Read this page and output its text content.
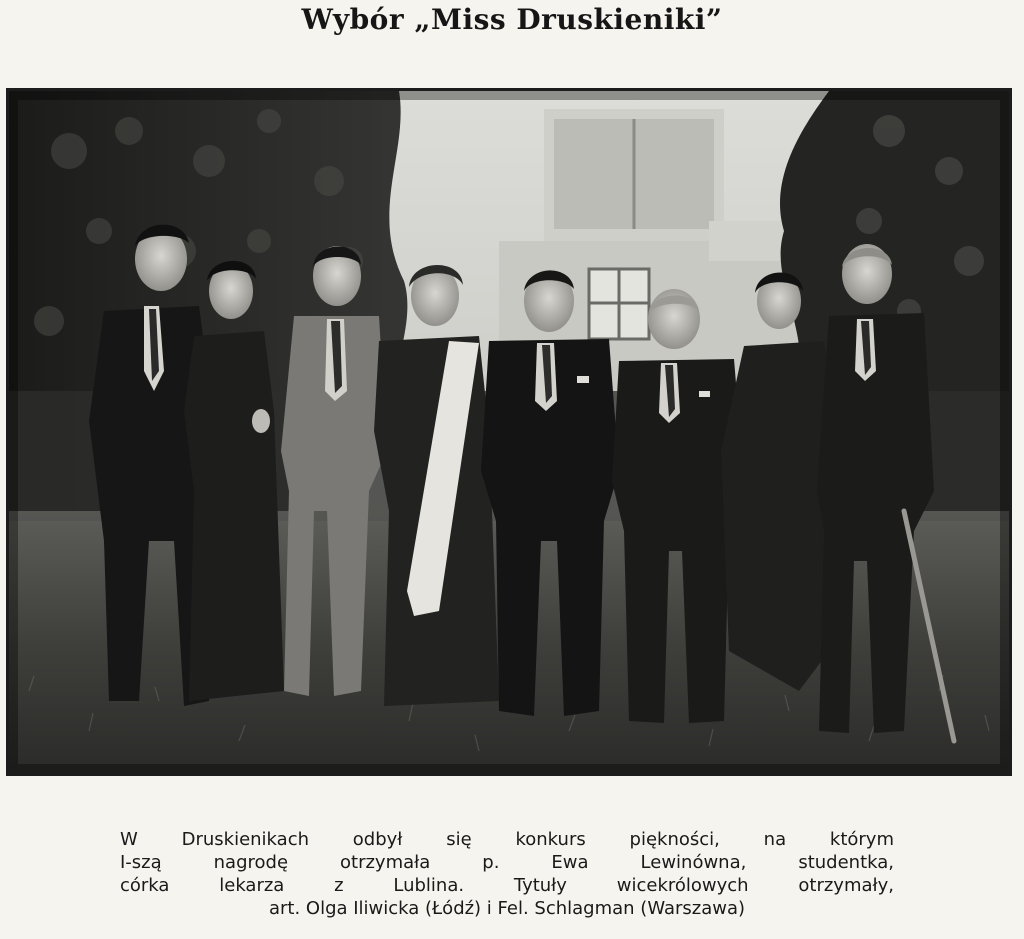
Wybór „Miss Druskieniki”

W Druskienikach odbył się konkurs piękności, na którym
I-szą nagrodę otrzymała p. Ewa Lewinówna, studentka,
córka lekarza z Lublina. Tytuły wicekrólowych otrzymały,
art. Olga Iliwicka (Łódź) i Fel. Schlagman (Warszawa)
